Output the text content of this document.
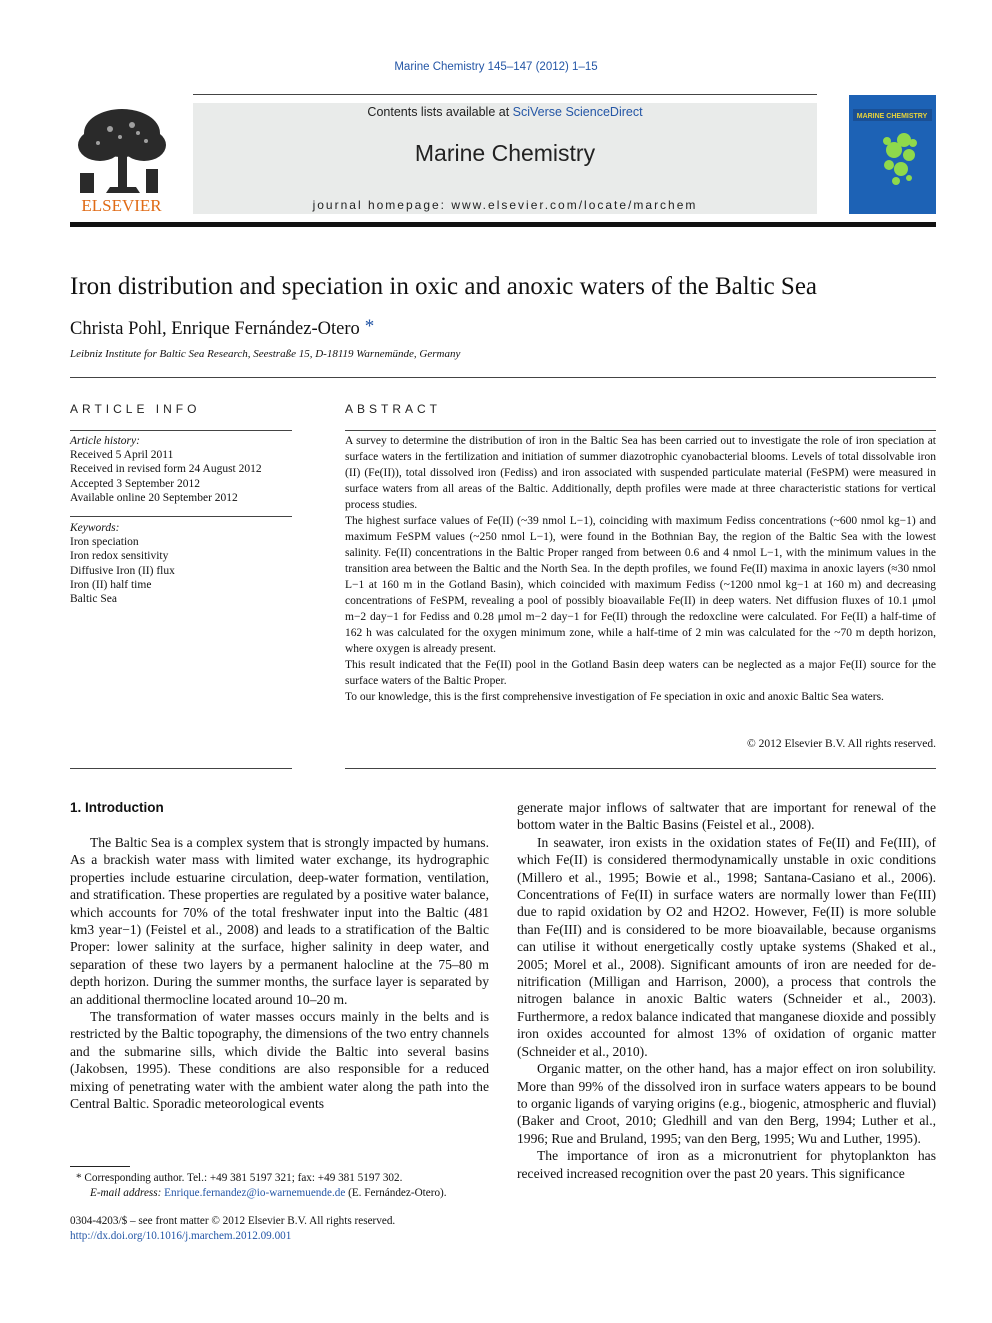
Marine Chemistry 145–147 (2012) 1–15
ELSEVIER
Contents lists available at SciVerse ScienceDirect
Marine Chemistry
journal homepage: www.elsevier.com/locate/marchem
MARINE CHEMISTRY
Iron distribution and speciation in oxic and anoxic waters of the Baltic Sea
Christa Pohl, Enrique Fernández-Otero *
Leibniz Institute for Baltic Sea Research, Seestraße 15, D-18119 Warnemünde, Germany
ARTICLE INFO
Article history:
Received 5 April 2011
Received in revised form 24 August 2012
Accepted 3 September 2012
Available online 20 September 2012
Keywords:
Iron speciation
Iron redox sensitivity
Diffusive Iron (II) flux
Iron (II) half time
Baltic Sea
ABSTRACT

A survey to determine the distribution of iron in the Baltic Sea has been carried out to investigate the role of iron speciation at surface waters in the fertilization and initiation of summer diazotrophic cyanobacterial blooms. Levels of total dissolvable iron (II) (Fe(II)), total dissolved iron (Fediss) and iron associated with suspended particulate material (FeSPM) were measured in surface waters from all areas of the Baltic. Additionally, depth profiles were made at three characteristic stations for vertical process studies.

The highest surface values of Fe(II) (~39 nmol L−1), coinciding with maximum Fediss concentrations (~600 nmol kg−1) and maximum FeSPM values (~250 nmol L−1), were found in the Bothnian Bay, the region of the Baltic Sea with the lowest salinity. Fe(II) concentrations in the Baltic Proper ranged from between 0.6 and 4 nmol L−1, with the minimum values in the transition area between the Baltic and the North Sea. In the depth profiles, we found Fe(II) maxima in anoxic layers (≈30 nmol L−1 at 160 m in the Gotland Basin), which coincided with maximum Fediss (~1200 nmol kg−1 at 160 m) and decreasing concentrations of FeSPM, revealing a pool of possibly bioavailable Fe(II) in deep waters. Net diffusion fluxes of 10.1 μmol m−2 day−1 for Fediss and 0.28 μmol m−2 day−1 for Fe(II) through the redoxcline were calculated. For Fe(II) a half-time of 162 h was calculated for the oxygen minimum zone, while a half-time of 2 min was calculated for the ~70 m depth horizon, where oxygen is already present.

This result indicated that the Fe(II) pool in the Gotland Basin deep waters can be neglected as a major Fe(II) source for the surface waters of the Baltic Proper.

To our knowledge, this is the first comprehensive investigation of Fe speciation in oxic and anoxic Baltic Sea waters.

© 2012 Elsevier B.V. All rights reserved.
1. Introduction

The Baltic Sea is a complex system that is strongly impacted by humans. As a brackish water mass with limited water exchange, its hydrographic properties include estuarine circulation, deep-water formation, ventilation, and stratification. These properties are regulated by a positive water balance, which accounts for 70% of the total freshwater input into the Baltic (481 km3 year−1) (Feistel et al., 2008) and leads to a stratification of the Baltic Proper: lower salinity at the surface, higher salinity in deep water, and separation of these two layers by a permanent halocline at the 75–80 m depth horizon. During the summer months, the surface layer is separated by an additional thermocline located around 10–20 m.

The transformation of water masses occurs mainly in the belts and is restricted by the Baltic topography, the dimensions of the two entry channels and the submarine sills, which divide the Baltic into several basins (Jakobsen, 1995). These conditions are also responsible for a reduced mixing of penetrating water with the ambient water along the path into the Central Baltic. Sporadic meteorological events

generate major inflows of saltwater that are important for renewal of the bottom water in the Baltic Basins (Feistel et al., 2008).

In seawater, iron exists in the oxidation states of Fe(II) and Fe(III), of which Fe(II) is considered thermodynamically unstable in oxic conditions (Millero et al., 1995; Bowie et al., 1998; Santana-Casiano et al., 2006). Concentrations of Fe(II) in surface waters are normally lower than Fe(III) due to rapid oxidation by O2 and H2O2. However, Fe(II) is more soluble than Fe(III) and is considered to be more bioavailable, because organisms can utilise it without energetically costly uptake systems (Shaked et al., 2005; Morel et al., 2008). Significant amounts of iron are needed for de-nitrification (Milligan and Harrison, 2000), a process that controls the nitrogen balance in anoxic Baltic waters (Schneider et al., 2003). Furthermore, a redox balance indicated that manganese dioxide and possibly iron oxides accounted for almost 13% of oxidation of organic matter (Schneider et al., 2010).

Organic matter, on the other hand, has a major effect on iron solubility. More than 99% of the dissolved iron in surface waters appears to be bound to organic ligands of varying origins (e.g., biogenic, atmospheric and fluvial) (Baker and Croot, 2010; Gledhill and van den Berg, 1994; Luther et al., 1996; Rue and Bruland, 1995; van den Berg, 1995; Wu and Luther, 1995).

The importance of iron as a micronutrient for phytoplankton has received increased recognition over the past 20 years. This significance

* Corresponding author. Tel.: +49 381 5197 321; fax: +49 381 5197 302.
E-mail address: Enrique.fernandez@io-warnemuende.de (E. Fernández-Otero).
0304-4203/$ – see front matter © 2012 Elsevier B.V. All rights reserved.
http://dx.doi.org/10.1016/j.marchem.2012.09.001
